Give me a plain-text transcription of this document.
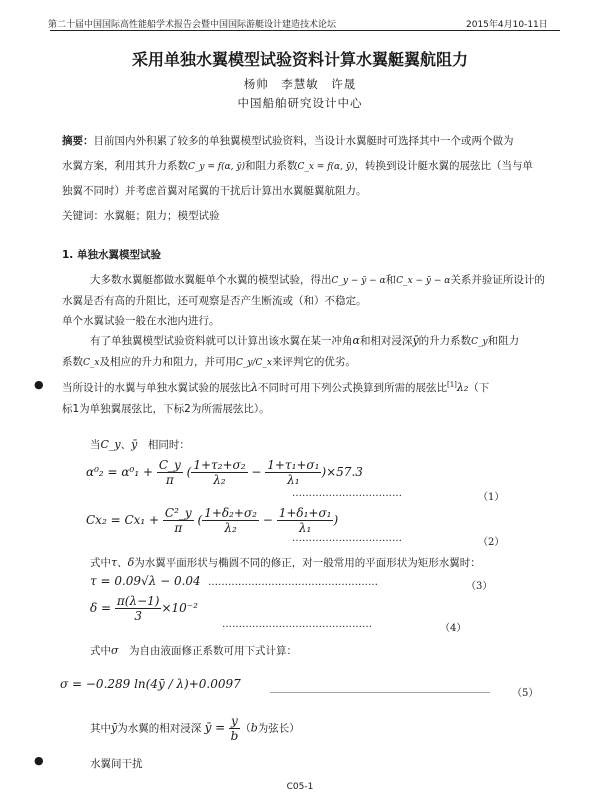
第二十届中国国际高性能船学术报告会暨中国国际游艇设计建造技术论坛	2015年4月10-11日
采用单独水翼模型试验资料计算水翼艇翼航阻力
杨帅　李慧敏　许晟
中国船舶研究设计中心
摘要：目前国内外积累了较多的单独翼模型试验资料，当设计水翼艇时可选择其中一个或两个做为
水翼方案，利用其升力系数C_y = f(α, ȳ)和阻力系数C_x = f(α, ȳ)，转换到设计艇水翼的展弦比（当与单
独翼不同时）并考虑首翼对尾翼的干扰后计算出水翼艇翼航阻力。
关键词：水翼艇；阻力；模型试验
1. 单独水翼模型试验
大多数水翼艇都做水翼艇单个水翼的模型试验，得出C_y − ȳ − α和C_x − ȳ − α关系并验证所设计的
水翼是否有高的升阻比，还可观察是否产生断流或（和）不稳定。
单个水翼试验一般在水池内进行。
有了单独翼模型试验资料就可以计算出该水翼在某一冲角α和相对浸深ȳ的升力系数C_y和阻力
系数C_x及相应的升力和阻力，并可用C_y/C_x来评判它的优劣。
● 当所设计的水翼与单独水翼试验的展弦比λ不同时可用下列公式换算到所需的展弦比[1]λ₂（下
标1为单独翼展弦比，下标2为所需展弦比）。
当C_y、ȳ　 相同时：
$\alpha^0_2 = \alpha^0_1 + \frac{C\_y}{\pi}$ ( $\frac{\text{1+τ₂+σ₂}}{\text{λ₂}} - \frac{\text{1+τ₁+σ₁}}{\text{λ₁}} )\times 57.3$
……………………………	（1）
$Cx_2 = Cx_1 + \frac{\text{C²\_y}}{\pi}$ ( $\frac{\text{1+δ₂+σ₂}}{\text{λ₂}} - \frac{\text{1+δ₁+σ₁}}{\text{λ₁}}$ )
……………………………	（2）
式中τ、δ为水翼平面形状与椭圆不同的修正，对一般常用的平面形状为矩形水翼时：
τ = 0.09√λ − 0.04 ……………………………………………	（3）
$\delta = \frac{\pi(\lambda-1)}{3} \times 10^{-2}$
………………………………………	（4）
式中σ　 为自由液面修正系数可用下式计算：
σ = −0.289 ln(4ȳ / λ)+0.0097	____________________________________________
（5）
其中ȳ为水翼的相对浸深 ȳ = $\frac{y}{b} (b$为弦长）
●	水翼间干扰
C05-1
